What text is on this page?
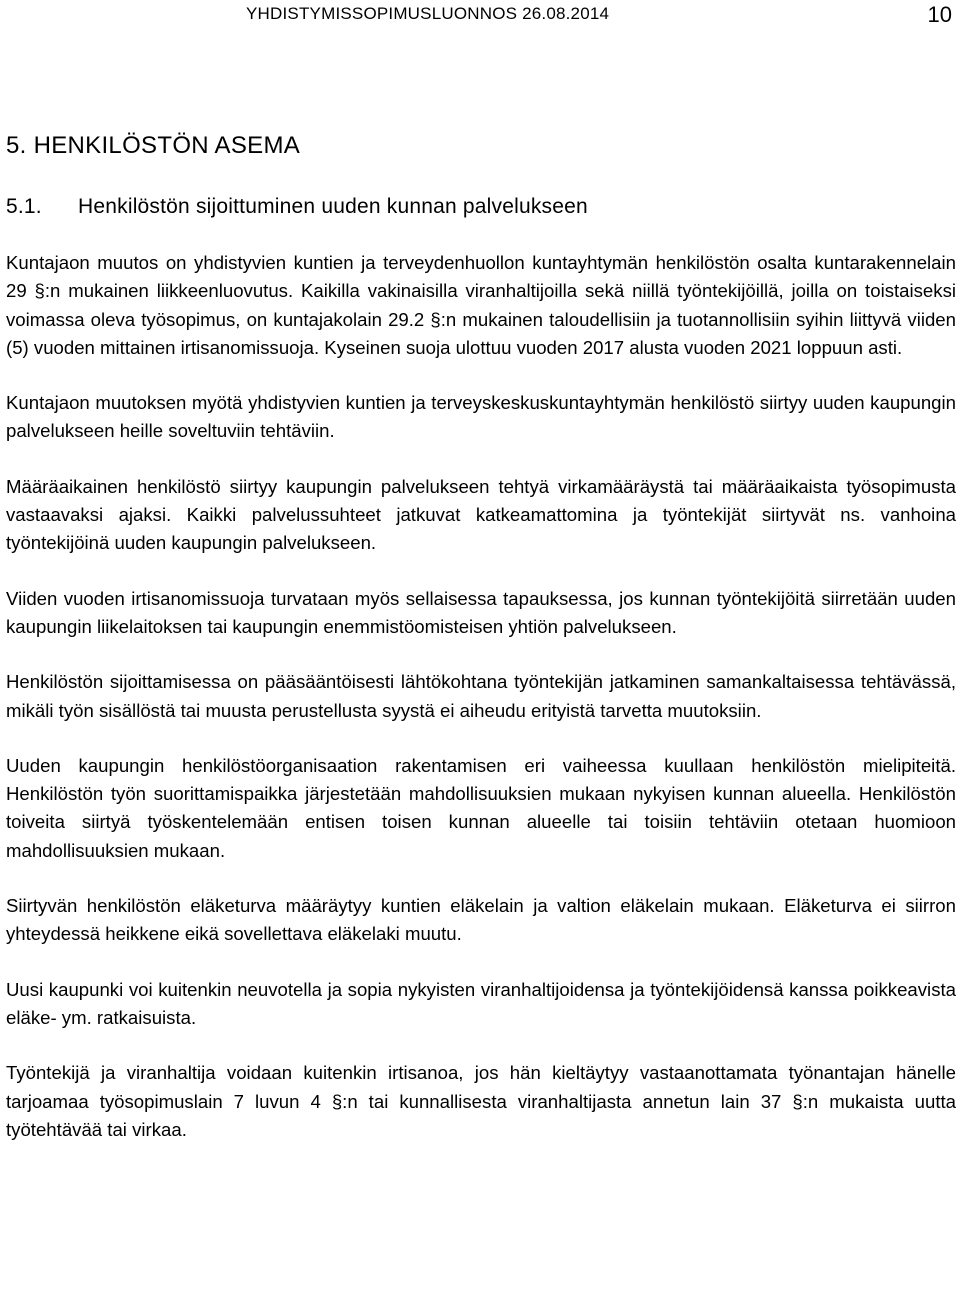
YHDISTYMISSOPIMUSLUONNOS 26.08.2014	10
5. HENKILÖSTÖN ASEMA
5.1. Henkilöstön sijoittuminen uuden kunnan palvelukseen

Kuntajaon muutos on yhdistyvien kuntien ja terveydenhuollon kuntayhtymän henkilöstön osalta kuntarakennelain 29 §:n mukainen liikkeenluovutus. Kaikilla vakinaisilla viranhaltijoilla sekä niillä työntekijöillä, joilla on toistaiseksi voimassa oleva työsopimus, on kuntajakolain 29.2 §:n mukainen taloudellisiin ja tuotannollisiin syihin liittyvä viiden (5) vuoden mittainen irtisanomissuoja. Kyseinen suoja ulottuu vuoden 2017 alusta vuoden 2021 loppuun asti.

Kuntajaon muutoksen myötä yhdistyvien kuntien ja terveyskeskuskuntayhtymän henkilöstö siirtyy uuden kaupungin palvelukseen heille soveltuviin tehtäviin.

Määräaikainen henkilöstö siirtyy kaupungin palvelukseen tehtyä virkamääräystä tai määräaikaista työsopimusta vastaavaksi ajaksi. Kaikki palvelussuhteet jatkuvat katkeamattomina ja työntekijät siirtyvät ns. vanhoina työntekijöinä uuden kaupungin palvelukseen.

Viiden vuoden irtisanomissuoja turvataan myös sellaisessa tapauksessa, jos kunnan työntekijöitä siirretään uuden kaupungin liikelaitoksen tai kaupungin enemmistöomisteisen yhtiön palvelukseen.

Henkilöstön sijoittamisessa on pääsääntöisesti lähtökohtana työntekijän jatkaminen samankaltaisessa tehtävässä, mikäli työn sisällöstä tai muusta perustellusta syystä ei aiheudu erityistä tarvetta muutoksiin.

Uuden kaupungin henkilöstöorganisaation rakentamisen eri vaiheessa kuullaan henkilöstön mielipiteitä. Henkilöstön työn suorittamispaikka järjestetään mahdollisuuksien mukaan nykyisen kunnan alueella. Henkilöstön toiveita siirtyä työskentelemään entisen toisen kunnan alueelle tai toisiin tehtäviin otetaan huomioon mahdollisuuksien mukaan.

Siirtyvän henkilöstön eläketurva määräytyy kuntien eläkelain ja valtion eläkelain mukaan. Eläketurva ei siirron yhteydessä heikkene eikä sovellettava eläkelaki muutu.

Uusi kaupunki voi kuitenkin neuvotella ja sopia nykyisten viranhaltijoidensa ja työntekijöidensä kanssa poikkeavista eläke- ym. ratkaisuista.

Työntekijä ja viranhaltija voidaan kuitenkin irtisanoa, jos hän kieltäytyy vastaanottamata työnantajan hänelle tarjoamaa työsopimuslain 7 luvun 4 §:n tai kunnallisesta viranhaltijasta annetun lain 37 §:n mukaista uutta työtehtävää tai virkaa.
